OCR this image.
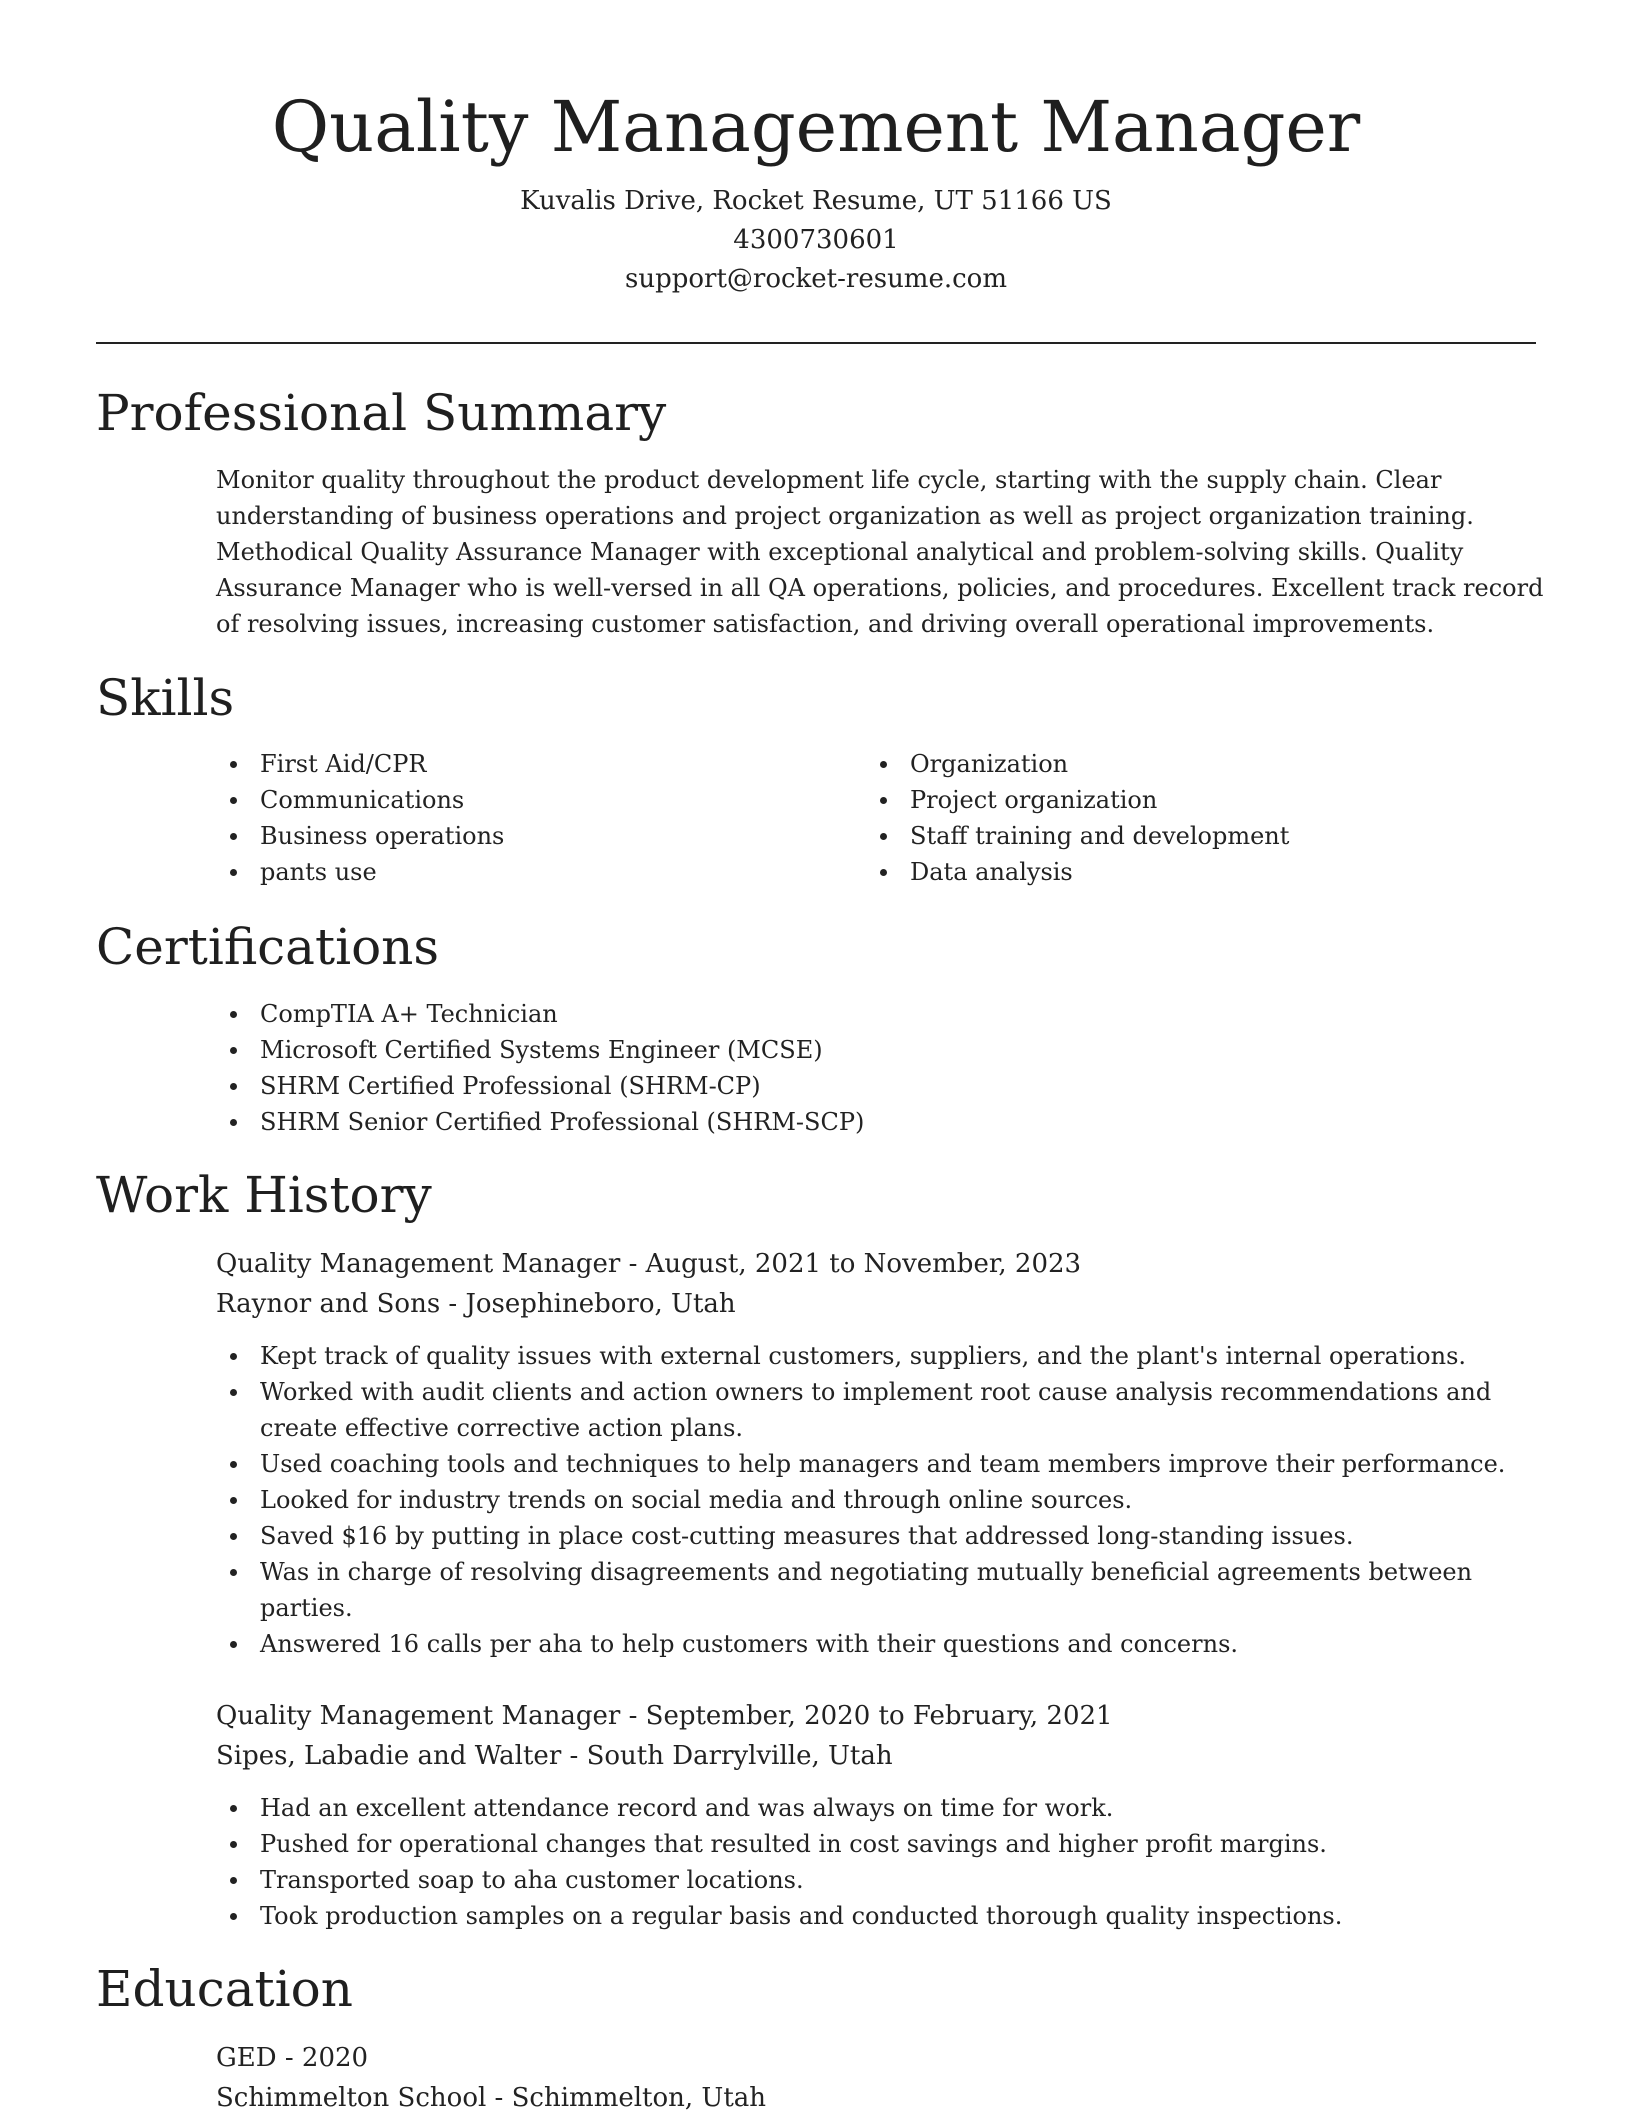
Quality Management Manager
Kuvalis Drive, Rocket Resume, UT 51166 US
4300730601
support@rocket-resume.com
Professional Summary

Monitor quality throughout the product development life cycle, starting with the supply chain. Clear understanding of business operations and project organization as well as project organization training. Methodical Quality Assurance Manager with exceptional analytical and problem-solving skills. Quality Assurance Manager who is well-versed in all QA operations, policies, and procedures. Excellent track record of resolving issues, increasing customer satisfaction, and driving overall operational improvements.

Skills
First Aid/CPR
Communications
Business operations
pants use
Organization
Project organization
Staff training and development
Data analysis
Certifications
CompTIA A+ Technician
Microsoft Certified Systems Engineer (MCSE)
SHRM Certified Professional (SHRM-CP)
SHRM Senior Certified Professional (SHRM-SCP)
Work History
Quality Management Manager - August, 2021 to November, 2023
Raynor and Sons - Josephineboro, Utah
Kept track of quality issues with external customers, suppliers, and the plant's internal operations.
Worked with audit clients and action owners to implement root cause analysis recommendations and create effective corrective action plans.
Used coaching tools and techniques to help managers and team members improve their performance.
Looked for industry trends on social media and through online sources.
Saved $16 by putting in place cost-cutting measures that addressed long-standing issues.
Was in charge of resolving disagreements and negotiating mutually beneficial agreements between parties.
Answered 16 calls per aha to help customers with their questions and concerns.
Quality Management Manager - September, 2020 to February, 2021
Sipes, Labadie and Walter - South Darrylville, Utah
Had an excellent attendance record and was always on time for work.
Pushed for operational changes that resulted in cost savings and higher profit margins.
Transported soap to aha customer locations.
Took production samples on a regular basis and conducted thorough quality inspections.
Education
GED - 2020
Schimmelton School - Schimmelton, Utah
